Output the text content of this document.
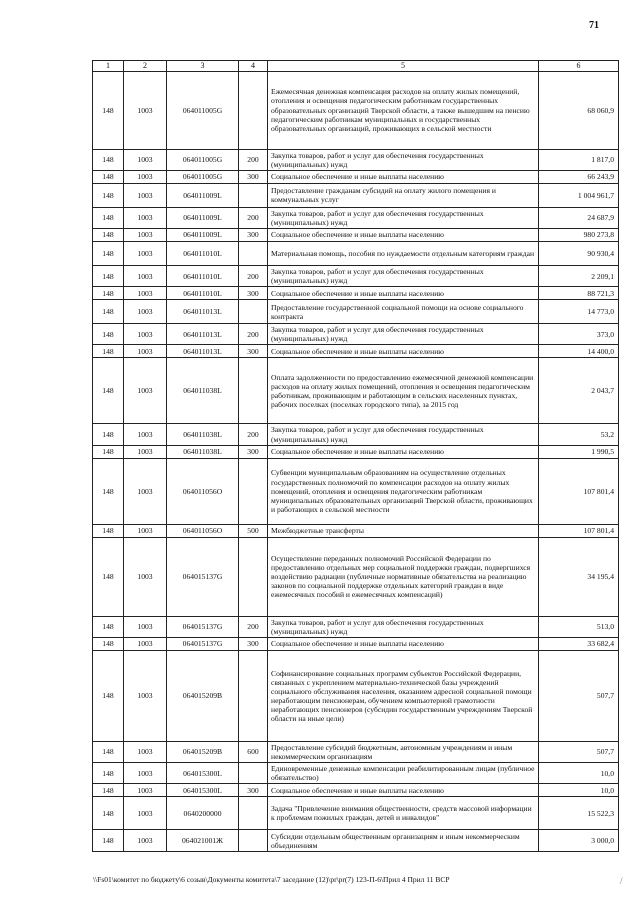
71
1	2	3	4	5	6
148	1003	064011005G		Ежемесячная денежная компенсация расходов на оплату жилых помещений, отопления и освещения педагогическим работникам государственных образовательных организаций Тверской области, а также вышедшим на пенсию педагогическим работникам муниципальных и государственных образовательных организаций, проживающих в сельской местности	68 060,9
148	1003	064011005G	200	Закупка товаров, работ и услуг для обеспечения государственных (муниципальных) нужд	1 817,0
148	1003	064011005G	300	Социальное обеспечение и иные выплаты населению	66 243,9
148	1003	064011009L		Предоставление гражданам субсидий на оплату жилого помещения и коммунальных услуг	1 004 961,7
148	1003	064011009L	200	Закупка товаров, работ и услуг для обеспечения государственных (муниципальных) нужд	24 687,9
148	1003	064011009L	300	Социальное обеспечение и иные выплаты населению	980 273,8
148	1003	064011010L		Материальная помощь, пособия по нуждаемости отдельным категориям граждан	90 930,4
148	1003	064011010L	200	Закупка товаров, работ и услуг для обеспечения государственных (муниципальных) нужд	2 209,1
148	1003	064011010L	300	Социальное обеспечение и иные выплаты населению	88 721,3
148	1003	064011013L		Предоставление государственной социальной помощи на основе социального контракта	14 773,0
148	1003	064011013L	200	Закупка товаров, работ и услуг для обеспечения государственных (муниципальных) нужд	373,0
148	1003	064011013L	300	Социальное обеспечение и иные выплаты населению	14 400,0
148	1003	064011038L		Оплата задолженности по предоставлению ежемесячной денежной компенсации расходов на оплату жилых помещений, отопления и освещения педагогическим работникам, проживающим и работающим в сельских населенных пунктах, рабочих поселках (поселках городского типа), за 2015 год	2 043,7
148	1003	064011038L	200	Закупка товаров, работ и услуг для обеспечения государственных (муниципальных) нужд	53,2
148	1003	064011038L	300	Социальное обеспечение и иные выплаты населению	1 990,5
148	1003	064011056O		Субвенции муниципальным образованиям на осуществление отдельных государственных полномочий по компенсации расходов на оплату жилых помещений, отопления и освещения педагогическим работникам муниципальных образовательных организаций Тверской области, проживающих и работающих в сельской местности	107 801,4
148	1003	064011056O	500	Межбюджетные трансферты	107 801,4
148	1003	064015137G		Осуществление переданных полномочий Российской Федерации по предоставлению отдельных мер социальной поддержки граждан, подвергшихся воздействию радиации (публичные нормативные обязательства на реализацию законов по социальной поддержке отдельных категорий граждан в виде ежемесячных пособий и ежемесячных компенсаций)	34 195,4
148	1003	064015137G	200	Закупка товаров, работ и услуг для обеспечения государственных (муниципальных) нужд	513,0
148	1003	064015137G	300	Социальное обеспечение и иные выплаты населению	33 682,4
148	1003	064015209B		Софинансирование социальных программ субъектов Российской Федерации, связанных с укреплением материально-технической базы учреждений социального обслуживания населения, оказанием адресной социальной помощи неработающим пенсионерам, обучением компьютерной грамотности неработающих пенсионеров (субсидии государственным учреждениям Тверской области на иные цели)	507,7
148	1003	064015209B	600	Предоставление субсидий бюджетным, автономным учреждениям и иным некоммерческим организациям	507,7
148	1003	064015300L		Единовременные денежные компенсации реабилитированным лицам (публичное обязательство)	10,0
148	1003	064015300L	300	Социальное обеспечение и иные выплаты населению	10,0
148	1003	0640200000		Задача "Привлечение внимания общественности, средств массовой информации к проблемам пожилых граждан, детей и инвалидов"	15 522,3
148	1003	064021001Ж		Субсидии отдельным общественным организациям и иным некоммерческим объединениям	3 000,0
\\Fs01\комитет по бюджету\6 созыв\Документы комитета\7 заседание (12)\pr\pr(7) 123-П-6\Прил 4 Прил 11 ВСР	/
